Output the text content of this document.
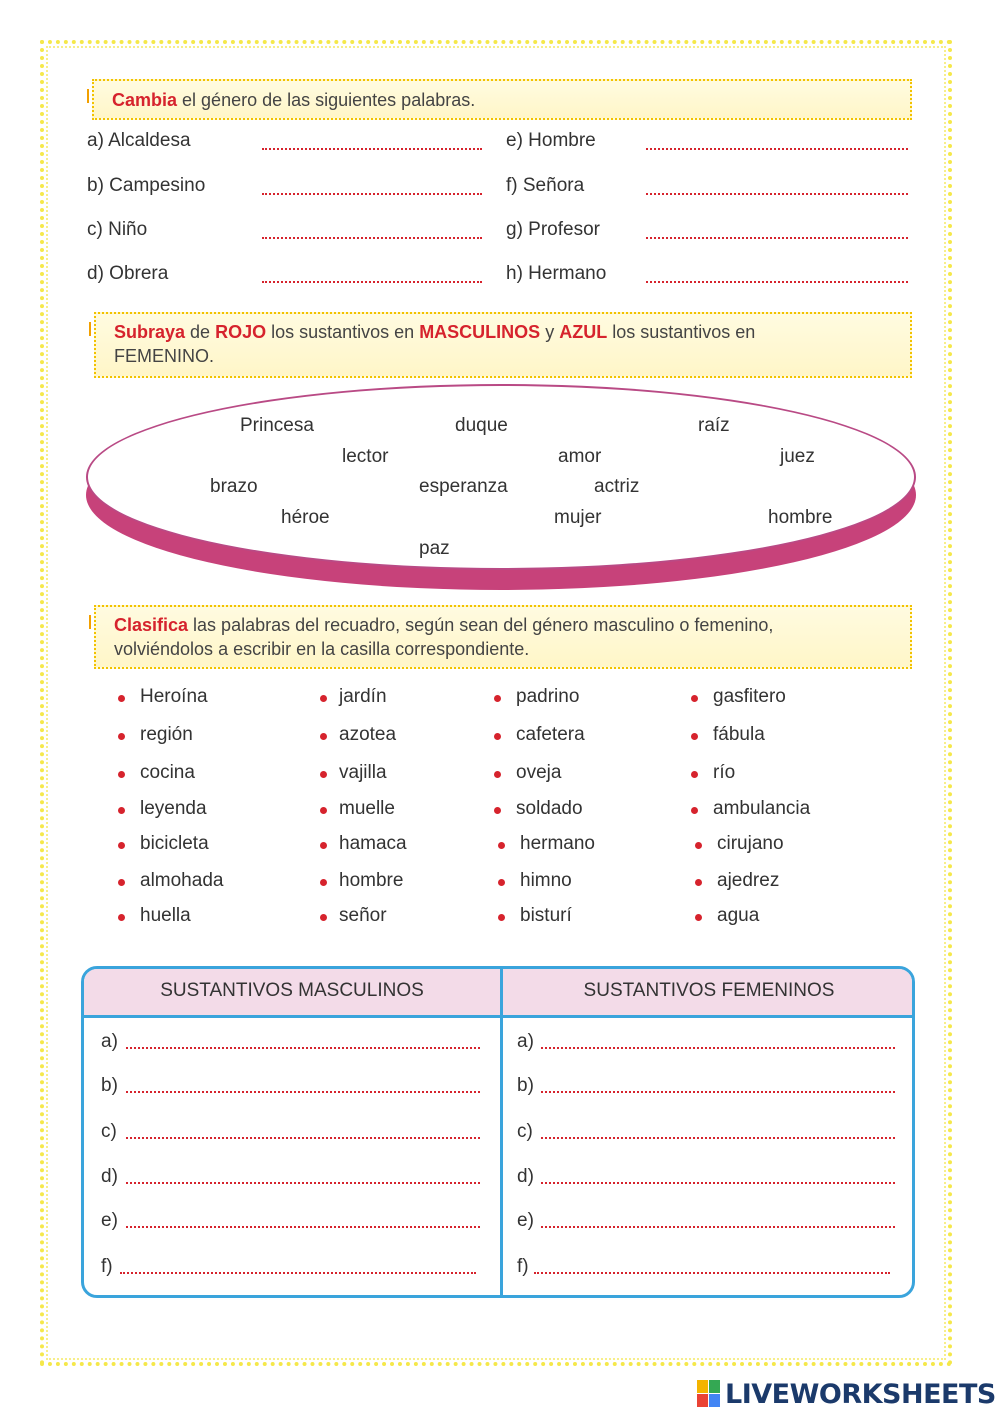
Cambia el género de las siguientes palabras.
a) Alcaldesa	e) Hombre
b) Campesino	f) Señora
c) Niño	g) Profesor
d) Obrera	h) Hermano
Subraya de ROJO los sustantivos en MASCULINOS y AZUL los sustantivos en
FEMENINO.
Princesa	duque	raíz
lector	amor	juez
brazo	esperanza	actriz
héroe	mujer	hombre
paz
Clasifica las palabras del recuadro, según sean del género masculino o femenino,
volviéndolos a escribir en la casilla correspondiente.
Heroína
región
cocina
leyenda
bicicleta
almohada
huella
jardín
azotea
vajilla
muelle
hamaca
hombre
señor
padrino
cafetera
oveja
soldado
hermano
himno
bisturí
gasfitero
fábula
río
ambulancia
cirujano
ajedrez
agua
SUSTANTIVOS MASCULINOS	SUSTANTIVOS FEMENINOS
a)	a)
b)	b)
c)	c)
d)	d)
e)	e)
f)	f)
LIVEWORKSHEETS
